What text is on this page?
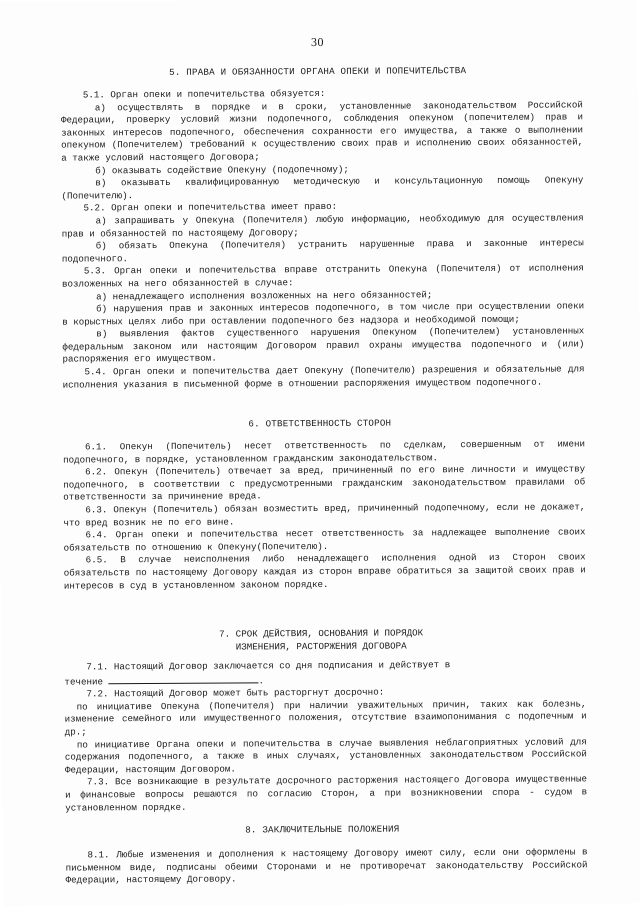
30
5. ПРАВА И ОБЯЗАННОСТИ ОРГАНА ОПЕКИ И ПОПЕЧИТЕЛЬСТВА

5.1. Орган опеки и попечительства обязуется:

а) осуществлять в порядке и в сроки, установленные законодательством Российской Федерации, проверку условий жизни подопечного, соблюдения опекуном (попечителем) прав и законных интересов подопечного, обеспечения сохранности его имущества, а также о выполнении опекуном (Попечителем) требований к осуществлению своих прав и исполнению своих обязанностей, а также условий настоящего Договора;

б) оказывать содействие Опекуну (подопечному);

в) оказывать квалифицированную методическую и консультационную помощь Опекуну (Попечителю).

5.2. Орган опеки и попечительства имеет право:

а) запрашивать у Опекуна (Попечителя) любую информацию, необходимую для осуществления прав и обязанностей по настоящему Договору;

б) обязать Опекуна (Попечителя) устранить нарушенные права и законные интересы подопечного.

5.3. Орган опеки и попечительства вправе отстранить Опекуна (Попечителя) от исполнения возложенных на него обязанностей в случае:

а) ненадлежащего исполнения возложенных на него обязанностей;

б) нарушения прав и законных интересов подопечного, в том числе при осуществлении опеки в корыстных целях либо при оставлении подопечного без надзора и необходимой помощи;

в) выявления фактов существенного нарушения Опекуном (Попечителем) установленных федеральным законом или настоящим Договором правил охраны имущества подопечного и (или) распоряжения его имуществом.

5.4. Орган опеки и попечительства дает Опекуну (Попечителю) разрешения и обязательные для исполнения указания в письменной форме в отношении распоряжения имуществом подопечного.

6. ОТВЕТСТВЕННОСТЬ СТОРОН

6.1. Опекун (Попечитель) несет ответственность по сделкам, совершенным от имени подопечного, в порядке, установленном гражданским законодательством.

6.2. Опекун (Попечитель) отвечает за вред, причиненный по его вине личности и имуществу подопечного, в соответствии с предусмотренными гражданским законодательством правилами об ответственности за причинение вреда.

6.3. Опекун (Попечитель) обязан возместить вред, причиненный подопечному, если не докажет, что вред возник не по его вине.

6.4. Орган опеки и попечительства несет ответственность за надлежащее выполнение своих обязательств по отношению к Опекуну(Попечителю).

6.5. В случае неисполнения либо ненадлежащего исполнения одной из Сторон своих обязательств по настоящему Договору каждая из сторон вправе обратиться за защитой своих прав и интересов в суд в установленном законом порядке.

7. СРОК ДЕЙСТВИЯ, ОСНОВАНИЯ И ПОРЯДОК
ИЗМЕНЕНИЯ, РАСТОРЖЕНИЯ ДОГОВОРА

7.1. Настоящий Договор заключается со дня подписания и действует в

течение	.

7.2. Настоящий Договор может быть расторгнут досрочно:

по инициативе Опекуна (Попечителя) при наличии уважительных причин, таких как болезнь, изменение семейного или имущественного положения, отсутствие взаимопонимания с подопечным и др.;

по инициативе Органа опеки и попечительства в случае выявления неблагоприятных условий для содержания подопечного, а также в иных случаях, установленных законодательством Российской Федерации, настоящим Договором.

7.3. Все возникающие в результате досрочного расторжения настоящего Договора имущественные и финансовые вопросы решаются по согласию Сторон, а при возникновении спора - судом в установленном порядке.

8. ЗАКЛЮЧИТЕЛЬНЫЕ ПОЛОЖЕНИЯ

8.1. Любые изменения и дополнения к настоящему Договору имеют силу, если они оформлены в письменном виде, подписаны обеими Сторонами и не противоречат законодательству Российской Федерации, настоящему Договору.
